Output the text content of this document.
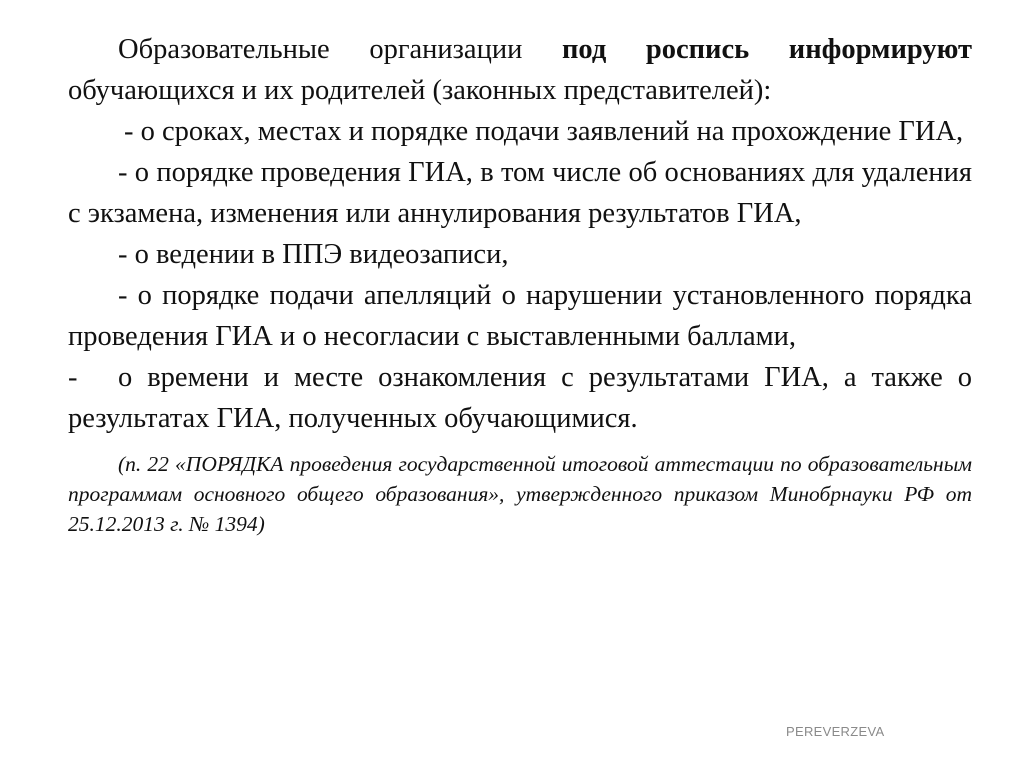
Образовательные организации под роспись информируют обучающихся и их родителей (законных представителей):

- о сроках, местах и порядке подачи заявлений на прохождение ГИА,

- о порядке проведения ГИА, в том числе об основаниях для удаления с экзамена, изменения или аннулирования результатов ГИА,

- о ведении в ППЭ видеозаписи,

- о порядке подачи апелляций о нарушении установленного порядка проведения ГИА и о несогласии с выставленными баллами,

- о времени и месте ознакомления с результатами ГИА, а также о результатах ГИА, полученных обучающимися.

(п. 22 «ПОРЯДКА проведения государственной итоговой аттестации по образовательным программам основного общего образования», утвержденного приказом Минобрнауки РФ от 25.12.2013 г. № 1394)

PEREVERZEVA
